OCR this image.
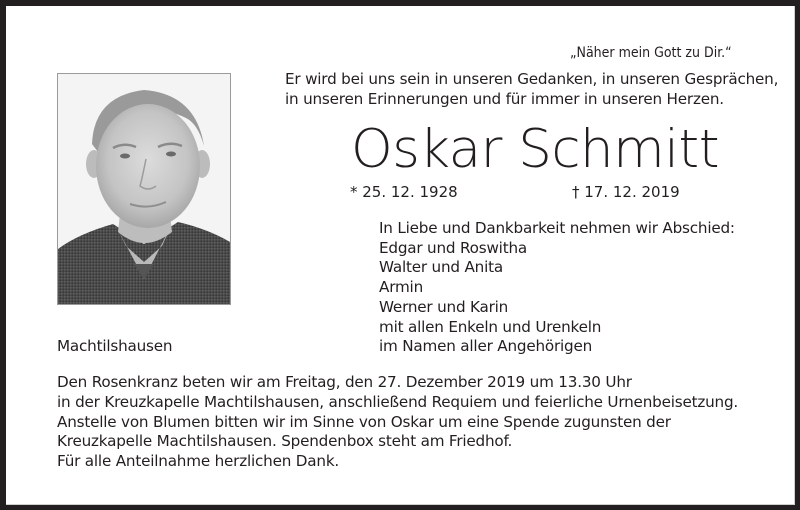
„Näher mein Gott zu Dir.“
Er wird bei uns sein in unseren Gedanken, in unseren Gesprächen,
in unseren Erinnerungen und für immer in unseren Herzen.
Oskar Schmitt
* 25. 12. 1928	† 17. 12. 2019
In Liebe und Dankbarkeit nehmen wir Abschied:
Edgar und Roswitha
Walter und Anita
Armin
Werner und Karin
mit allen Enkeln und Urenkeln
im Namen aller Angehörigen
Machtilshausen
Den Rosenkranz beten wir am Freitag, den 27. Dezember 2019 um 13.30 Uhr
in der Kreuzkapelle Machtilshausen, anschließend Requiem und feierliche Urnenbeisetzung.
Anstelle von Blumen bitten wir im Sinne von Oskar um eine Spende zugunsten der
Kreuzkapelle Machtilshausen. Spendenbox steht am Friedhof.
Für alle Anteilnahme herzlichen Dank.
